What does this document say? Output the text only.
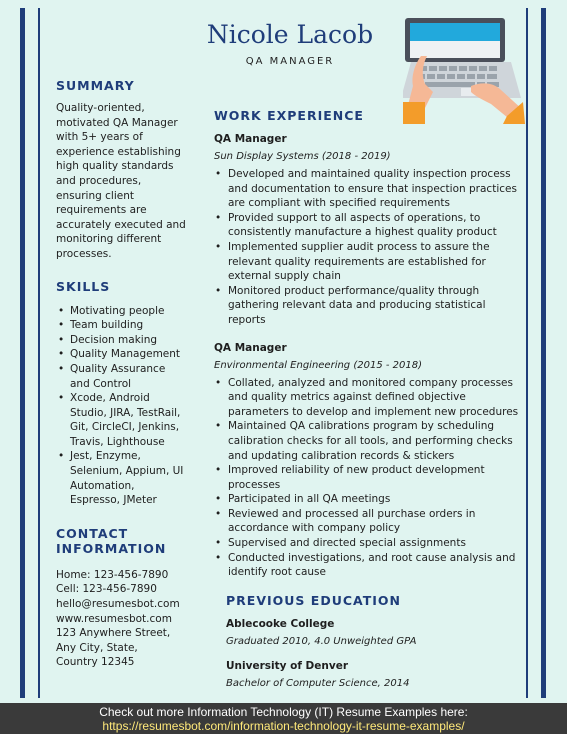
Nicole Lacob
QA MANAGER
SUMMARY
Quality-oriented, motivated QA Manager with 5+ years of experience establishing high quality standards and procedures, ensuring client requirements are accurately executed and monitoring different processes.
SKILLS
• Motivating people
• Team building
• Decision making
• Quality Management
• Quality Assurance and Control
• Xcode, Android Studio, JIRA, TestRail, Git, CircleCI, Jenkins, Travis, Lighthouse
• Jest, Enzyme, Selenium, Appium, UI Automation, Espresso, JMeter
CONTACT
INFORMATION
Home: 123-456-7890
Cell: 123-456-7890
hello@resumesbot.com
www.resumesbot.com
123 Anywhere Street,
Any City, State,
Country 12345
WORK EXPERIENCE
QA Manager
Sun Display Systems (2018 - 2019)
• Developed and maintained quality inspection process and documentation to ensure that inspection practices are compliant with specified requirements
• Provided support to all aspects of operations, to consistently manufacture a highest quality product
• Implemented supplier audit process to assure the relevant quality requirements are established for external supply chain
• Monitored product performance/quality through gathering relevant data and producing statistical reports
QA Manager
Environmental Engineering (2015 - 2018)
• Collated, analyzed and monitored company processes and quality metrics against defined objective parameters to develop and implement new procedures
• Maintained QA calibrations program by scheduling calibration checks for all tools, and performing checks and updating calibration records & stickers
• Improved reliability of new product development processes
• Participated in all QA meetings
• Reviewed and processed all purchase orders in accordance with company policy
• Supervised and directed special assignments
• Conducted investigations, and root cause analysis and identify root cause
PREVIOUS EDUCATION
Ablecooke College
Graduated 2010, 4.0 Unweighted GPA
University of Denver
Bachelor of Computer Science, 2014
Check out more Information Technology (IT) Resume Examples here:
https://resumesbot.com/information-technology-it-resume-examples/
